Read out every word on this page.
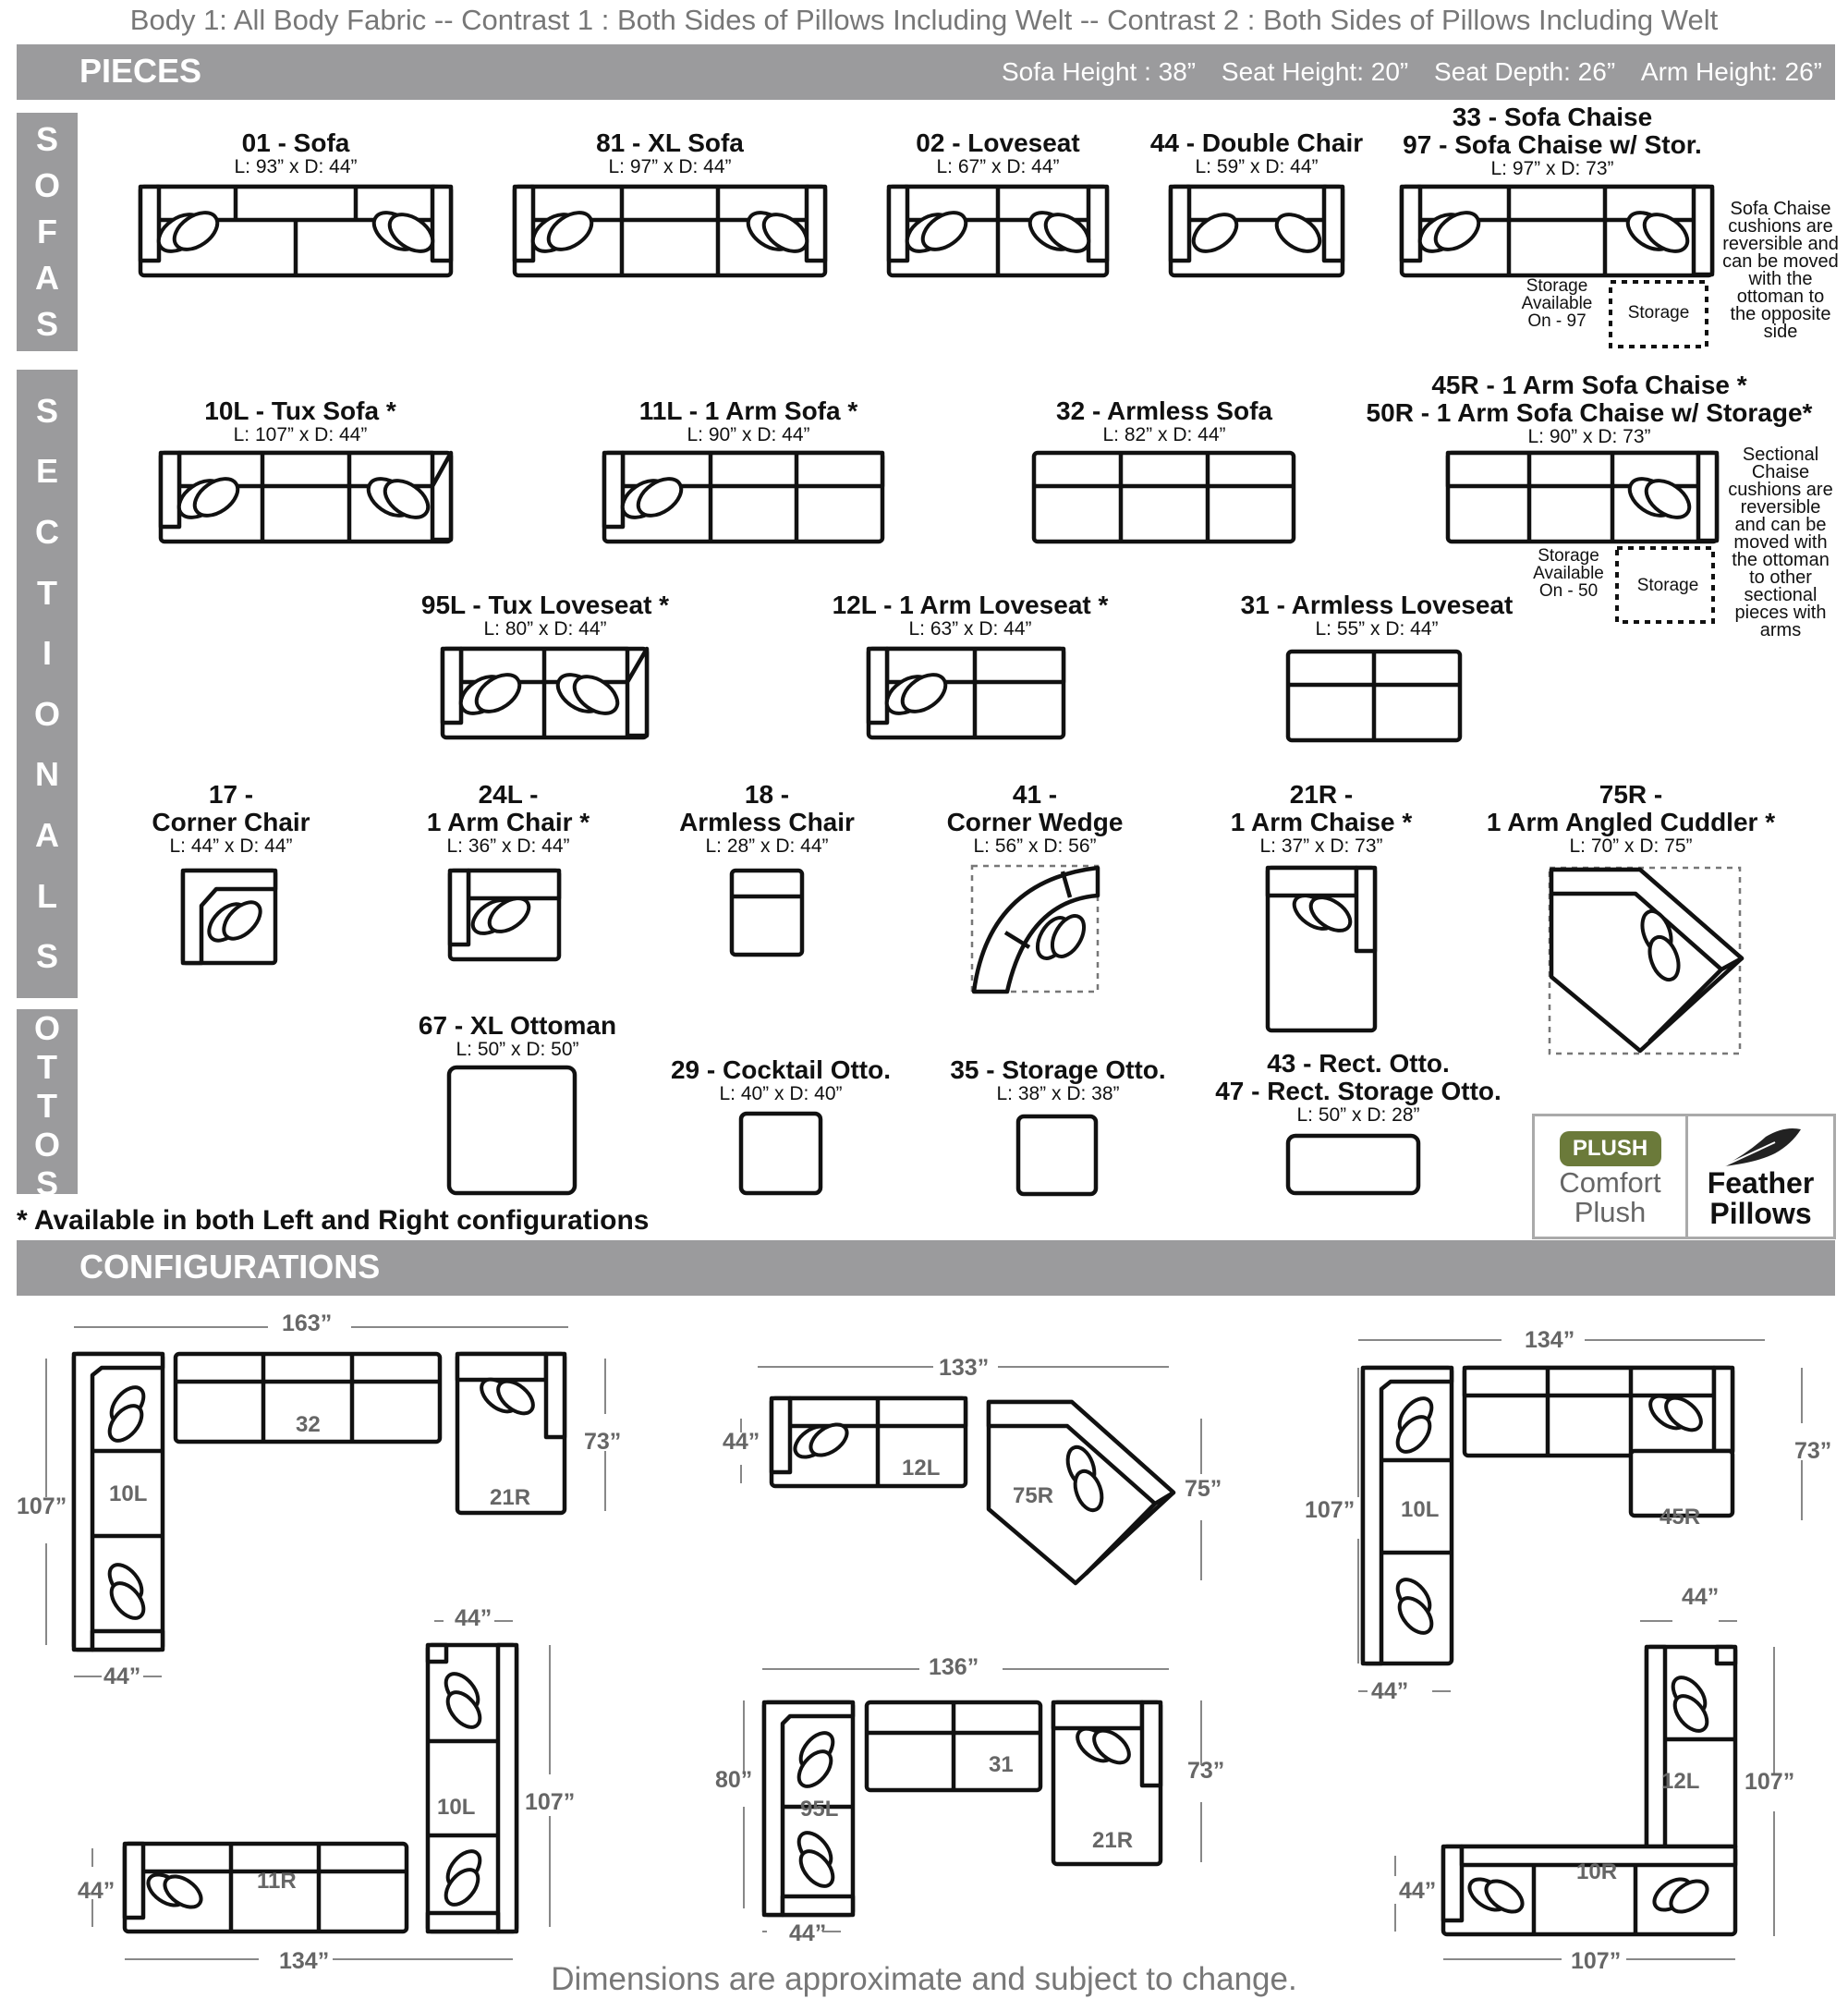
Body 1: All Body Fabric -- Contrast 1 : Both Sides of Pillows Including Welt -- Contrast 2 : Both Sides of Pillows Including Welt
PIECES	Sofa Height : 38” Seat Height: 20” Seat Depth: 26” Arm Height: 26”
S
O
F
A
S
S
E
C
T
I
O
N
A
L
S
O
T
T
O
S
01 - Sofa
L: 93” x D: 44”
81 - XL Sofa
L: 97” x D: 44”
02 - Loveseat
L: 67” x D: 44”
44 - Double Chair
L: 59” x D: 44”
33 - Sofa Chaise
97 - Sofa Chaise w/ Stor.
L: 97” x D: 73”
Storage
Available
On - 97	Storage
Sofa Chaise
cushions are
reversible and
can be moved
with the
ottoman to
the opposite
side
10L - Tux Sofa *
L: 107” x D: 44”
11L - 1 Arm Sofa *
L: 90” x D: 44”
32 - Armless Sofa
L: 82” x D: 44”
45R - 1 Arm Sofa Chaise *
50R - 1 Arm Sofa Chaise w/ Storage*
L: 90” x D: 73”
Storage
Available
On - 50	Storage
Sectional
Chaise
cushions are
reversible
and can be
moved with
the ottoman
to other
sectional
pieces with
arms
95L - Tux Loveseat *
L: 80” x D: 44”
12L - 1 Arm Loveseat *
L: 63” x D: 44”
31 - Armless Loveseat
L: 55” x D: 44”
17 -
Corner Chair
L: 44” x D: 44”
24L -
1 Arm Chair *
L: 36” x D: 44”
18 -
Armless Chair
L: 28” x D: 44”
41 -
Corner Wedge
L: 56” x D: 56”
21R -
1 Arm Chaise *
L: 37” x D: 73”
75R -
1 Arm Angled Cuddler *
L: 70” x D: 75”
67 - XL Ottoman
L: 50” x D: 50”
29 - Cocktail Otto.
L: 40” x D: 40”
35 - Storage Otto.
L: 38” x D: 38”
43 - Rect. Otto.
47 - Rect. Storage Otto.
L: 50” x D: 28”
PLUSH
Comfort
Plush
Feather
Pillows
* Available in both Left and Right configurations
CONFIGURATIONS
163”
107”
73”
44”
32
10L	21R
133”
44”
75”
12L
75R
134”
107”
73”
44”
10L	45R
44”
107”
44”
134”
11R
10L
136”
80”	73”
44”
95L
31
21R
44”
107”
44”
107”
12L
10R
Dimensions are approximate and subject to change.
